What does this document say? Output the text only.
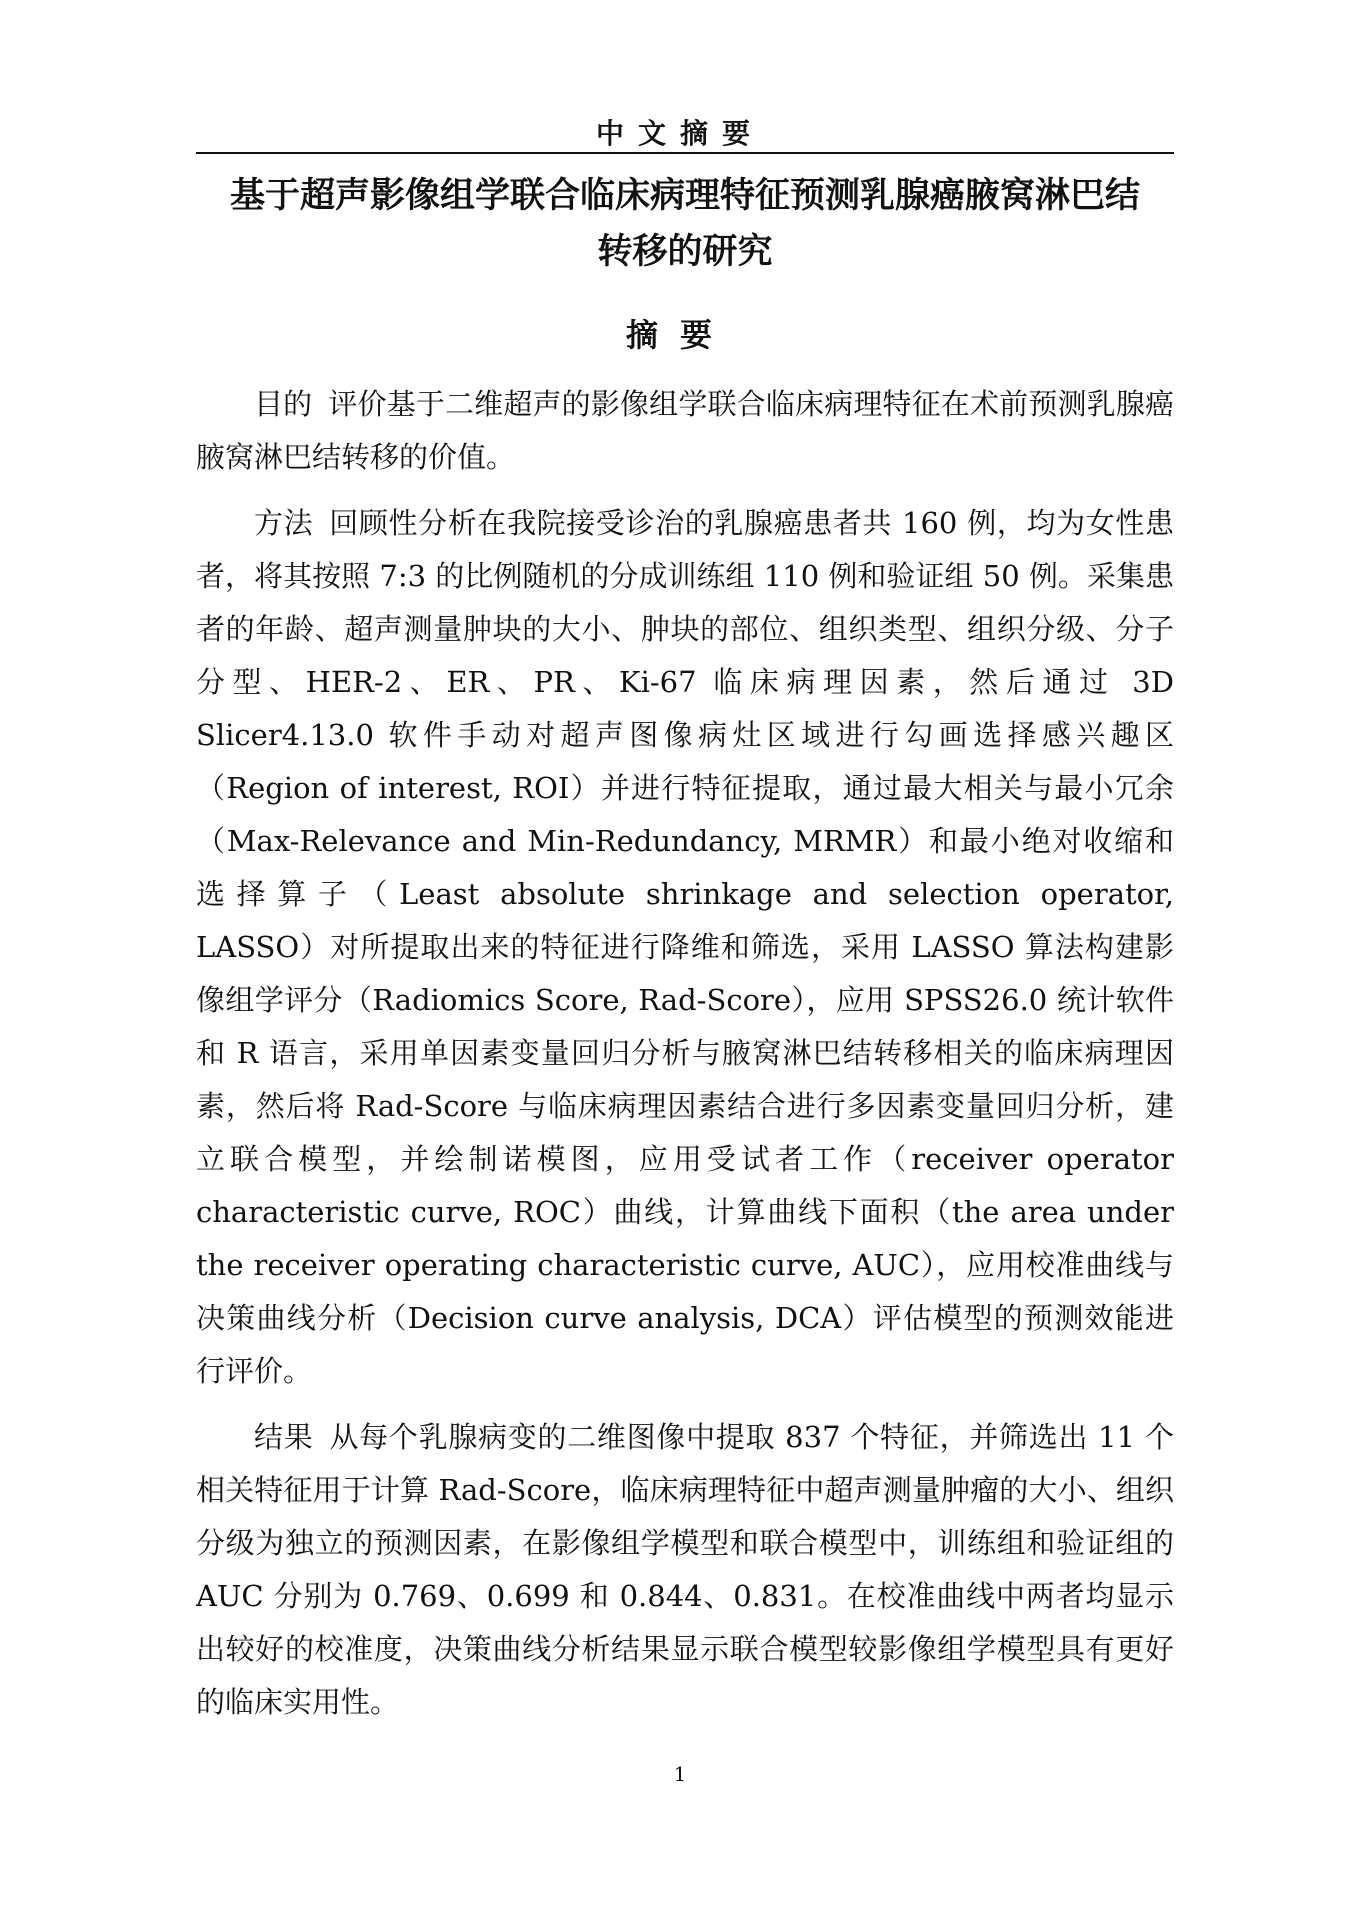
中文摘要
基于超声影像组学联合临床病理特征预测乳腺癌腋窝淋巴结
转移的研究
摘要

目的 评价基于二维超声的影像组学联合临床病理特征在术前预测乳腺癌腋窝淋巴结转移的价值。

方法 回顾性分析在我院接受诊治的乳腺癌患者共 160 例，均为女性患者，将其按照 7:3 的比例随机的分成训练组 110 例和验证组 50 例。采集患者的年龄、超声测量肿块的大小、肿块的部位、组织类型、组织分级、分子分型、HER-2、ER、PR、Ki-67 临床病理因素，然后通过 3D Slicer4.13.0 软件手动对超声图像病灶区域进行勾画选择感兴趣区（Region of interest, ROI）并进行特征提取，通过最大相关与最小冗余 （Max-Relevance and Min-Redundancy, MRMR）和最小绝对收缩和选择算子（Least absolute shrinkage and selection operator, LASSO）对所提取出来的特征进行降维和筛选，采用 LASSO 算法构建影像组学评分（Radiomics Score, Rad-Score），应用 SPSS26.0 统计软件和 R 语言，采用单因素变量回归分析与腋窝淋巴结转移相关的临床病理因素，然后将 Rad-Score 与临床病理因素结合进行多因素变量回归分析，建立联合模型，并绘制诺模图，应用受试者工作（receiver operator characteristic curve, ROC）曲线，计算曲线下面积（the area under the receiver operating characteristic curve, AUC），应用校准曲线与决策曲线分析（Decision curve analysis, DCA）评估模型的预测效能进行评价。

结果 从每个乳腺病变的二维图像中提取 837 个特征，并筛选出 11 个相关特征用于计算 Rad-Score，临床病理特征中超声测量肿瘤的大小、组织分级为独立的预测因素，在影像组学模型和联合模型中，训练组和验证组的 AUC 分别为 0.769、0.699 和 0.844、0.831。在校准曲线中两者均显示出较好的校准度，决策曲线分析结果显示联合模型较影像组学模型具有更好的临床实用性。

1
